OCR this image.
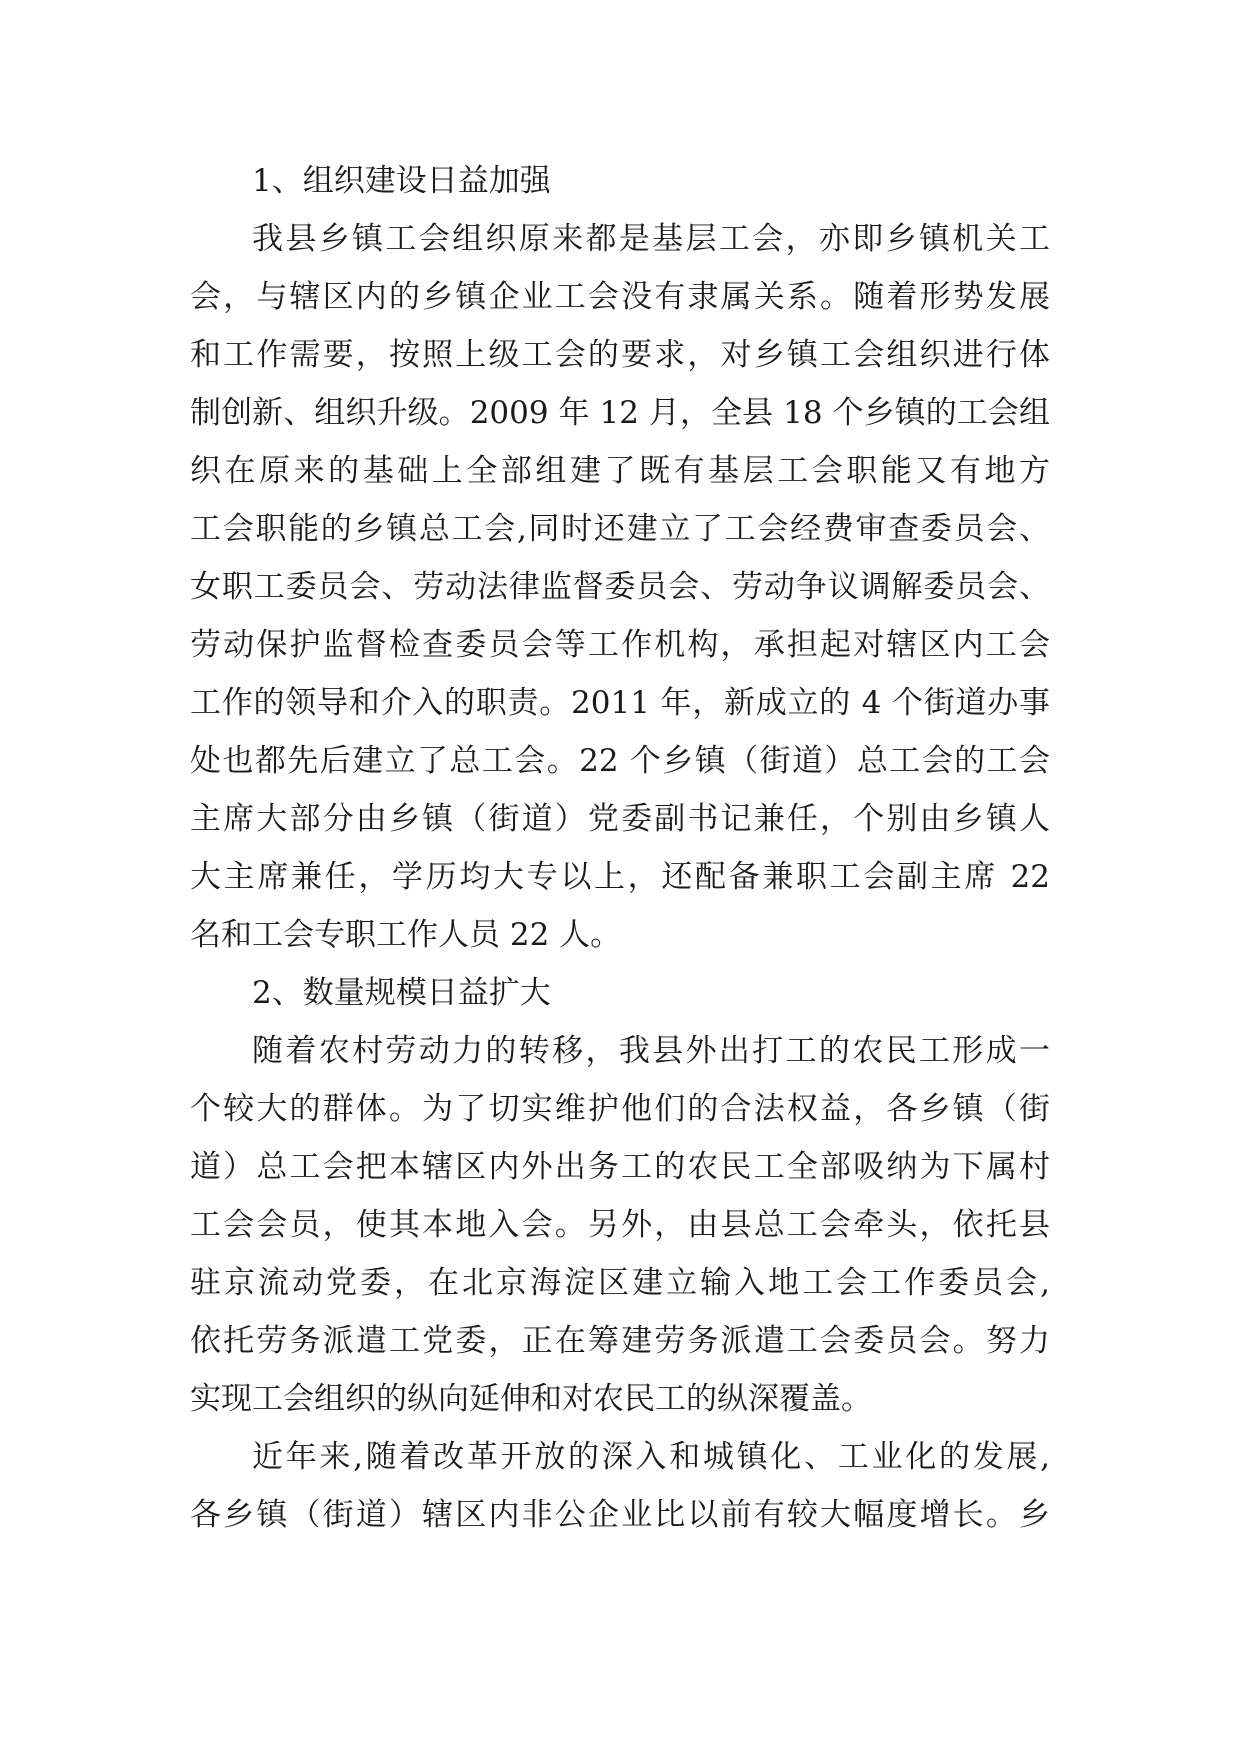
1、组织建设日益加强
我县乡镇工会组织原来都是基层工会，亦即乡镇机关工
会，与辖区内的乡镇企业工会没有隶属关系。随着形势发展
和工作需要，按照上级工会的要求，对乡镇工会组织进行体
制创新、组织升级。2009 年 12 月，全县 18 个乡镇的工会组
织在原来的基础上全部组建了既有基层工会职能又有地方
工会职能的乡镇总工会,同时还建立了工会经费审查委员会、
女职工委员会、劳动法律监督委员会、劳动争议调解委员会、
劳动保护监督检查委员会等工作机构，承担起对辖区内工会
工作的领导和介入的职责。2011 年，新成立的 4 个街道办事
处也都先后建立了总工会。22 个乡镇（街道）总工会的工会
主席大部分由乡镇（街道）党委副书记兼任，个别由乡镇人
大主席兼任，学历均大专以上，还配备兼职工会副主席 22
名和工会专职工作人员 22 人。
2、数量规模日益扩大
随着农村劳动力的转移，我县外出打工的农民工形成一
个较大的群体。为了切实维护他们的合法权益，各乡镇（街
道）总工会把本辖区内外出务工的农民工全部吸纳为下属村
工会会员，使其本地入会。另外，由县总工会牵头，依托县
驻京流动党委，在北京海淀区建立输入地工会工作委员会,
依托劳务派遣工党委，正在筹建劳务派遣工会委员会。努力
实现工会组织的纵向延伸和对农民工的纵深覆盖。
近年来,随着改革开放的深入和城镇化、工业化的发展,
各乡镇（街道）辖区内非公企业比以前有较大幅度增长。乡
